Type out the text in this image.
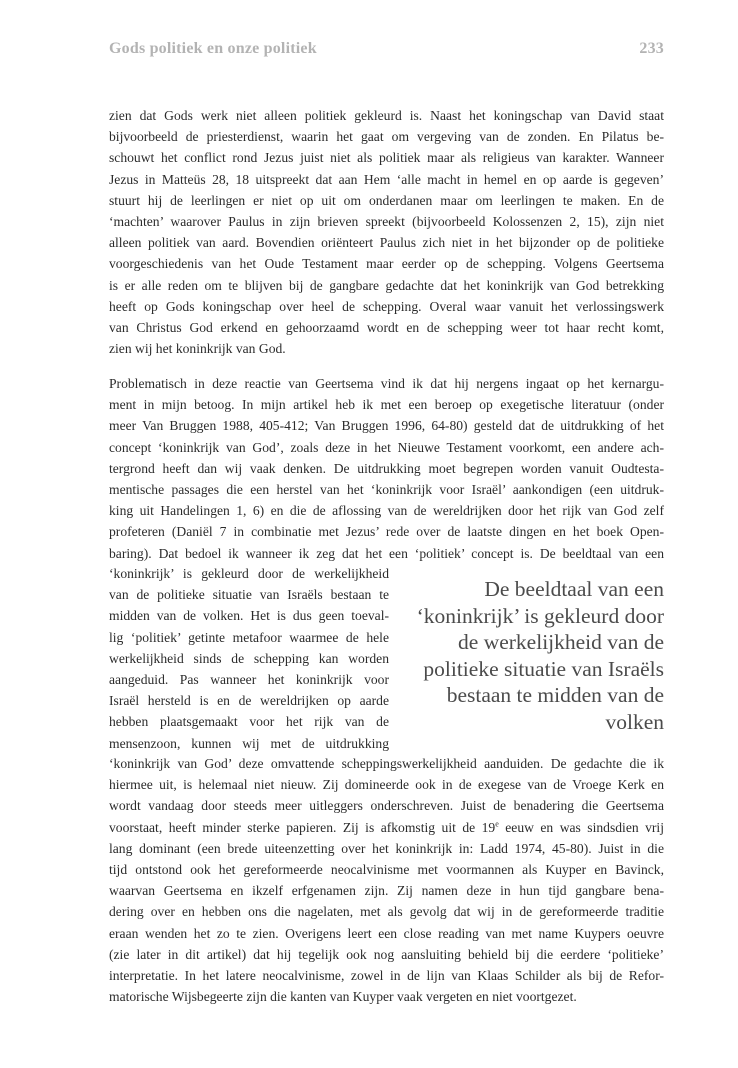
Gods politiek en onze politiek	233
zien dat Gods werk niet alleen politiek gekleurd is. Naast het koningschap van David staat
bijvoorbeeld de priesterdienst, waarin het gaat om vergeving van de zonden. En Pilatus be-
schouwt het conflict rond Jezus juist niet als politiek maar als religieus van karakter. Wanneer
Jezus in Matteüs 28, 18 uitspreekt dat aan Hem ‘alle macht in hemel en op aarde is gegeven’
stuurt hij de leerlingen er niet op uit om onderdanen maar om leerlingen te maken. En de
‘machten’ waarover Paulus in zijn brieven spreekt (bijvoorbeeld Kolossenzen 2, 15), zijn niet
alleen politiek van aard. Bovendien oriënteert Paulus zich niet in het bijzonder op de politieke
voorgeschiedenis van het Oude Testament maar eerder op de schepping. Volgens Geertsema
is er alle reden om te blijven bij de gangbare gedachte dat het koninkrijk van God betrekking
heeft op Gods koningschap over heel de schepping. Overal waar vanuit het verlossingswerk
van Christus God erkend en gehoorzaamd wordt en de schepping weer tot haar recht komt,
zien wij het koninkrijk van God.
Problematisch in deze reactie van Geertsema vind ik dat hij nergens ingaat op het kernargu-
ment in mijn betoog. In mijn artikel heb ik met een beroep op exegetische literatuur (onder
meer Van Bruggen 1988, 405-412; Van Bruggen 1996, 64-80) gesteld dat de uitdrukking of het
concept ‘koninkrijk van God’, zoals deze in het Nieuwe Testament voorkomt, een andere ach-
tergrond heeft dan wij vaak denken. De uitdrukking moet begrepen worden vanuit Oudtesta-
mentische passages die een herstel van het ‘koninkrijk voor Israël’ aankondigen (een uitdruk-
king uit Handelingen 1, 6) en die de aflossing van de wereldrijken door het rijk van God zelf
profeteren (Daniël 7 in combinatie met Jezus’ rede over de laatste dingen en het boek Open-
baring). Dat bedoel ik wanneer ik zeg dat het een ‘politiek’ concept is. De beeldtaal van een
‘koninkrijk’ is gekleurd door de werkelijkheid
van de politieke situatie van Israëls bestaan te
midden van de volken. Het is dus geen toeval-
lig ‘politiek’ getinte metafoor waarmee de hele
werkelijkheid sinds de schepping kan worden
aangeduid. Pas wanneer het koninkrijk voor
Israël hersteld is en de wereldrijken op aarde
hebben plaatsgemaakt voor het rijk van de
mensenzoon, kunnen wij met de uitdrukking
De beeldtaal van een
‘koninkrijk’ is gekleurd door
de werkelijkheid van de
politieke situatie van Israëls
bestaan te midden van de
volken
‘koninkrijk van God’ deze omvattende scheppingswerkelijkheid aanduiden. De gedachte die ik
hiermee uit, is helemaal niet nieuw. Zij domineerde ook in de exegese van de Vroege Kerk en
wordt vandaag door steeds meer uitleggers onderschreven. Juist de benadering die Geertsema
voorstaat, heeft minder sterke papieren. Zij is afkomstig uit de 19e eeuw en was sindsdien vrij
lang dominant (een brede uiteenzetting over het koninkrijk in: Ladd 1974, 45-80). Juist in die
tijd ontstond ook het gereformeerde neocalvinisme met voormannen als Kuyper en Bavinck,
waarvan Geertsema en ikzelf erfgenamen zijn. Zij namen deze in hun tijd gangbare bena-
dering over en hebben ons die nagelaten, met als gevolg dat wij in de gereformeerde traditie
eraan wenden het zo te zien. Overigens leert een close reading van met name Kuypers oeuvre
(zie later in dit artikel) dat hij tegelijk ook nog aansluiting behield bij die eerdere ‘politieke’
interpretatie. In het latere neocalvinisme, zowel in de lijn van Klaas Schilder als bij de Refor-
matorische Wijsbegeerte zijn die kanten van Kuyper vaak vergeten en niet voortgezet.
